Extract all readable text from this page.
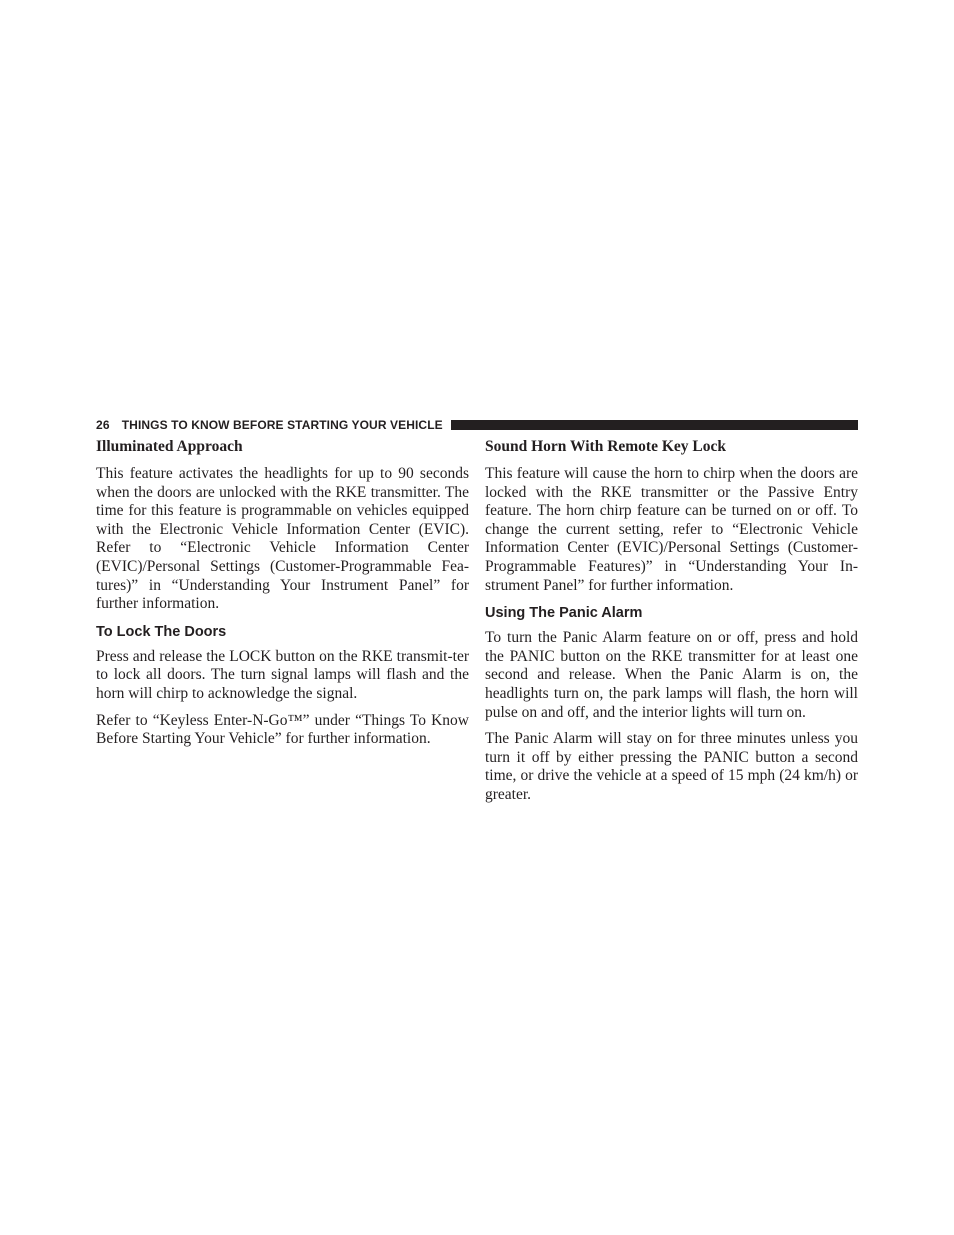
26 THINGS TO KNOW BEFORE STARTING YOUR VEHICLE
Illuminated Approach

This feature activates the headlights for up to 90 seconds when the doors are unlocked with the RKE transmitter. The time for this feature is programmable on vehicles equipped with the Electronic Vehicle Information Center (EVIC). Refer to “Electronic Vehicle Information Center (EVIC)/Personal Settings (Customer-Programmable Fea-tures)” in “Understanding Your Instrument Panel” for further information.

To Lock The Doors

Press and release the LOCK button on the RKE transmit-ter to lock all doors. The turn signal lamps will flash and the horn will chirp to acknowledge the signal.

Refer to “Keyless Enter-N-Go™” under “Things To Know Before Starting Your Vehicle” for further information.

Sound Horn With Remote Key Lock

This feature will cause the horn to chirp when the doors are locked with the RKE transmitter or the Passive Entry feature. The horn chirp feature can be turned on or off. To change the current setting, refer to “Electronic Vehicle Information Center (EVIC)/Personal Settings (Customer-Programmable Features)” in “Understanding Your In-strument Panel” for further information.

Using The Panic Alarm

To turn the Panic Alarm feature on or off, press and hold the PANIC button on the RKE transmitter for at least one second and release. When the Panic Alarm is on, the headlights turn on, the park lamps will flash, the horn will pulse on and off, and the interior lights will turn on.

The Panic Alarm will stay on for three minutes unless you turn it off by either pressing the PANIC button a second time, or drive the vehicle at a speed of 15 mph (24 km/h) or greater.
